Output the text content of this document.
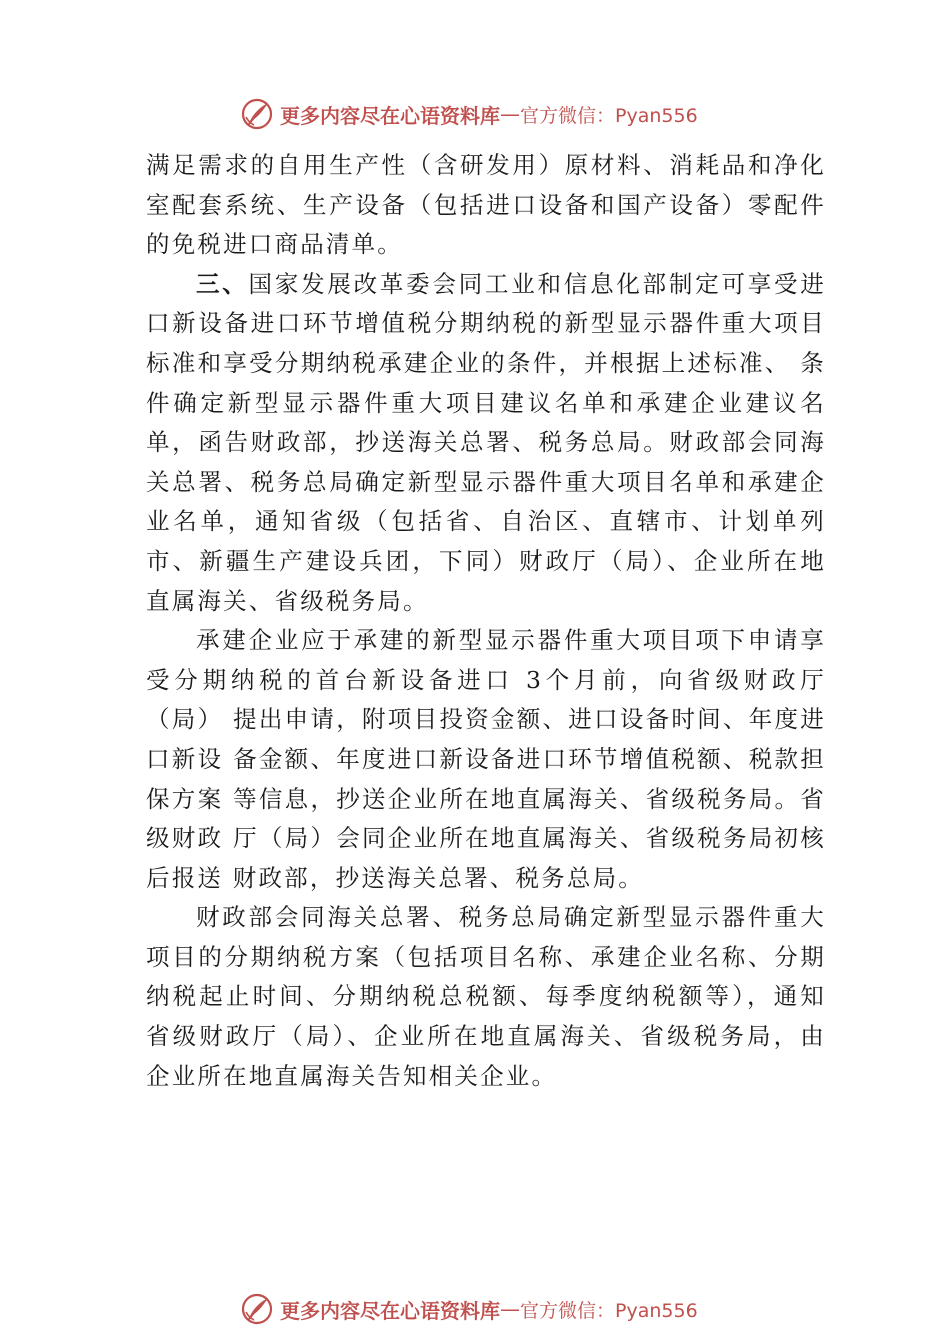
更多内容尽在心语资料库 — 官方微信：Pyan556

满足需求的自用生产性（含研发用）原材料、消耗品和净化室配套系统、生产设备（包括进口设备和国产设备）零配件的免税进口商品清单。

三、国家发展改革委会同工业和信息化部制定可享受进口新设备进口环节增值税分期纳税的新型显示器件重大项目标准和享受分期纳税承建企业的条件，并根据上述标准、 条件确定新型显示器件重大项目建议名单和承建企业建议名单，函告财政部，抄送海关总署、税务总局。财政部会同海关总署、税务总局确定新型显示器件重大项目名单和承建企业名单，通知省级（包括省、自治区、直辖市、计划单列市、新疆生产建设兵团，下同）财政厅（局）、企业所在地直属海关、省级税务局。

承建企业应于承建的新型显示器件重大项目项下申请享受分期纳税的首台新设备进口 3个月前，向省级财政厅（局） 提出申请，附项目投资金额、进口设备时间、年度进口新设 备金额、年度进口新设备进口环节增值税额、税款担保方案 等信息，抄送企业所在地直属海关、省级税务局。省级财政 厅（局）会同企业所在地直属海关、省级税务局初核后报送 财政部，抄送海关总署、税务总局。

财政部会同海关总署、税务总局确定新型显示器件重大项目的分期纳税方案（包括项目名称、承建企业名称、分期纳税起止时间、分期纳税总税额、每季度纳税额等），通知省级财政厅（局）、企业所在地直属海关、省级税务局，由 企业所在地直属海关告知相关企业。

更多内容尽在心语资料库 — 官方微信：Pyan556
